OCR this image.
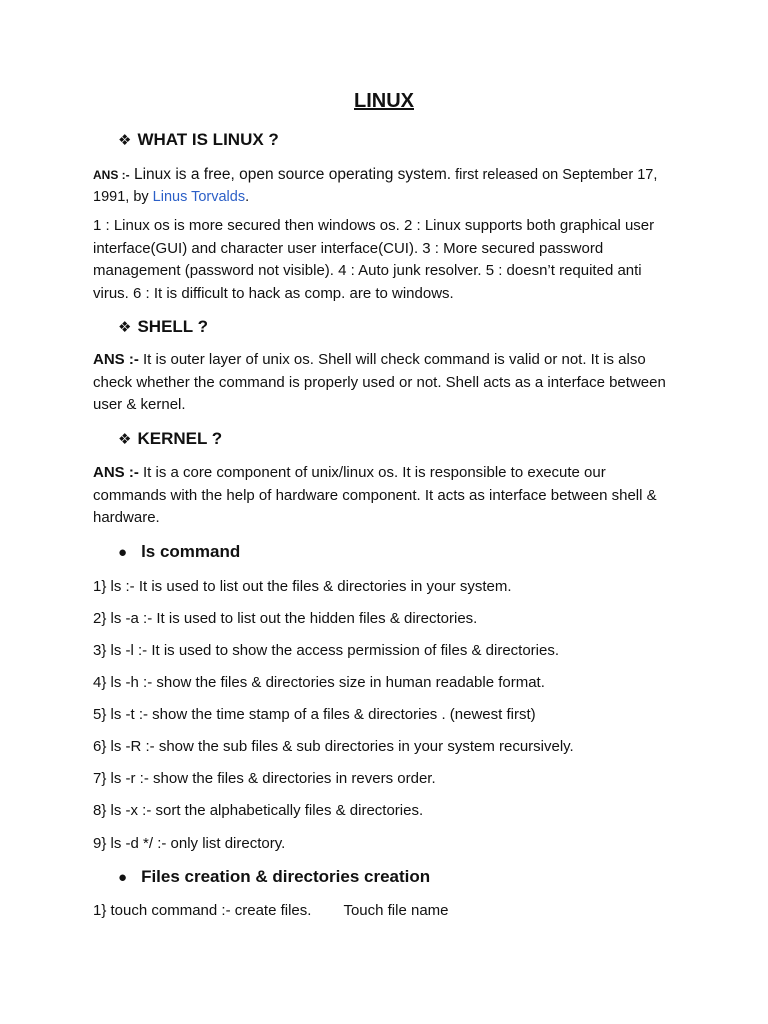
LINUX
❖ WHAT IS LINUX ?
ANS :- Linux is a free, open source operating system. first released on September 17, 1991, by Linus Torvalds.
1 : Linux os is more secured then windows os. 2 : Linux supports both graphical user interface(GUI) and character user interface(CUI). 3 : More secured password management (password not visible). 4 : Auto junk resolver. 5 : doesn’t requited anti virus. 6 : It is difficult to hack as comp. are to windows.
❖ SHELL ?
ANS :- It is outer layer of unix os. Shell will check command is valid or not. It is also check whether the command is properly used or not. Shell acts as a interface between user & kernel.
❖ KERNEL ?
ANS :- It is a core component of unix/linux os. It is responsible to execute our commands with the help of hardware component. It acts as interface between shell & hardware.
● ls command
1} ls :- It is used to list out the files & directories in your system.
2} ls -a :- It is used to list out the hidden files & directories.
3} ls -l :- It is used to show the access permission of files & directories.
4} ls -h :- show the files & directories size in human readable format.
5} ls -t :- show the time stamp of a files & directories . (newest first)
6} ls -R :- show the sub files & sub directories in your system recursively.
7} ls -r :- show the files & directories in revers order.
8} ls -x :- sort the alphabetically files & directories.
9} ls -d */ :- only list directory.
● Files creation & directories creation
1} touch command :- create files. Touch file name
